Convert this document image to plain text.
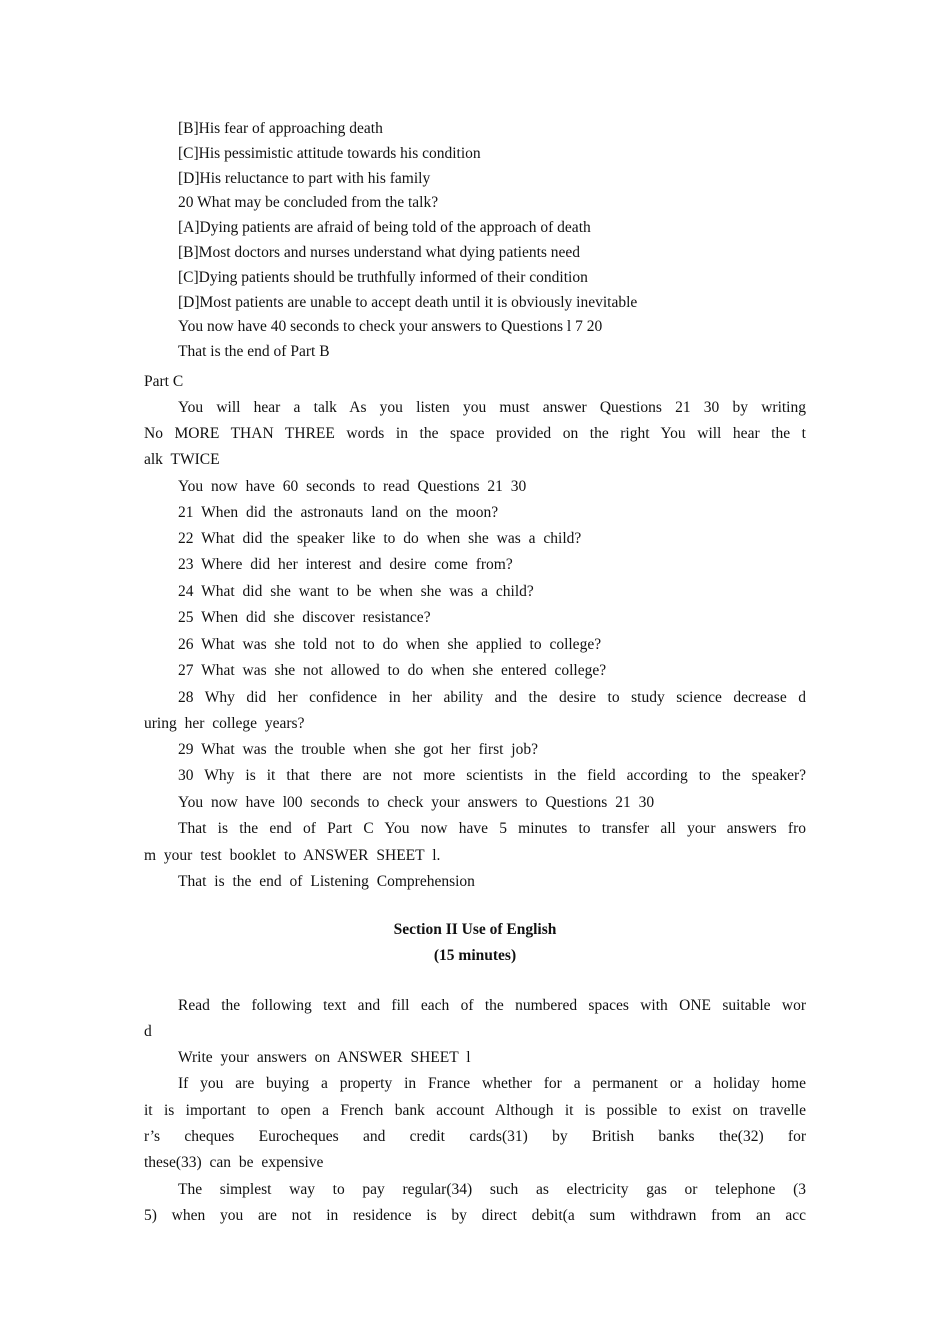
[B]His fear of approaching death
[C]His pessimistic attitude towards his condition
[D]His reluctance to part with his family
20 What may be concluded from the talk?
[A]Dying patients are afraid of being told of the approach of death
[B]Most doctors and nurses understand what dying patients need
[C]Dying patients should be truthfully informed of their condition
[D]Most patients are unable to accept death until it is obviously inevitable
You now have 40 seconds to check your answers to Questions l 7 20
That is the end of Part B
Part C
You will hear a talk As you listen you must answer Questions 21 30 by writing
No MORE THAN THREE words in the space provided on the right You will hear the t
alk TWICE
You now have 60 seconds to read Questions 21 30
21 When did the astronauts land on the moon?
22 What did the speaker like to do when she was a child?
23 Where did her interest and desire come from?
24 What did she want to be when she was a child?
25 When did she discover resistance?
26 What was she told not to do when she applied to college?
27 What was she not allowed to do when she entered college?
28 Why did her confidence in her ability and the desire to study science decrease d
uring her college years?
29 What was the trouble when she got her first job?
30 Why is it that there are not more scientists in the field according to the speaker?
You now have l00 seconds to check your answers to Questions 21 30
That is the end of Part C You now have 5 minutes to transfer all your answers fro
m your test booklet to ANSWER SHEET l.
That is the end of Listening Comprehension
Section II Use of English
(15 minutes)
Read the following text and fill each of the numbered spaces with ONE suitable wor
d
Write your answers on ANSWER SHEET l
If you are buying a property in France whether for a permanent or a holiday home
it is important to open a French bank account Although it is possible to exist on travelle
r’s cheques Eurocheques and credit cards(31) by British banks the(32) for
these(33) can be expensive
The simplest way to pay regular(34) such as electricity gas or telephone (3
5) when you are not in residence is by direct debit(a sum withdrawn from an acc
